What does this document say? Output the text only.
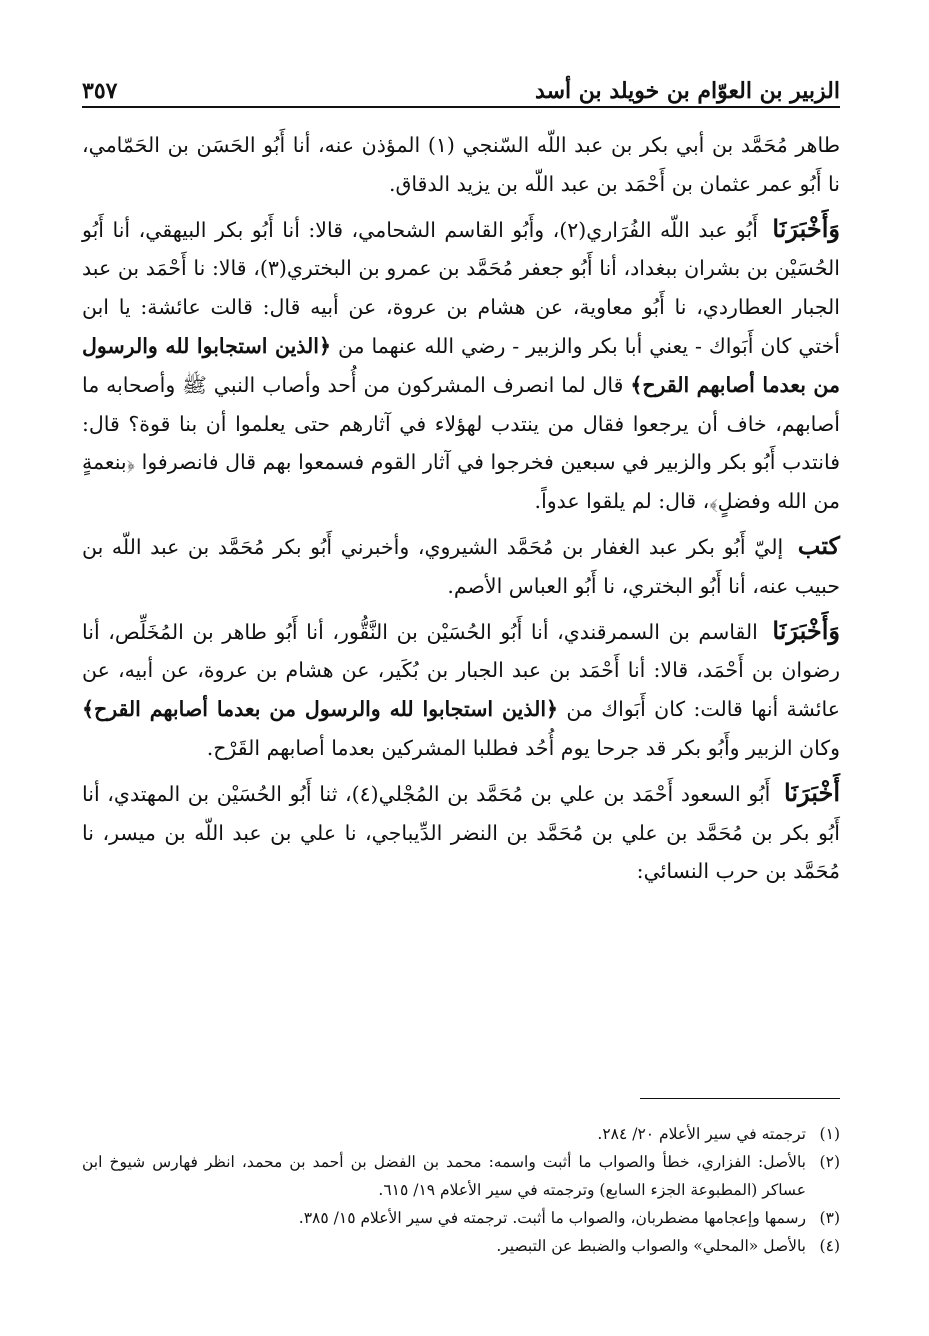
الزبير بن العوّام بن خويلد بن أسد
٣٥٧

طاهر مُحَمَّد بن أبي بكر بن عبد اللّه السّنجي (١) المؤذن عنه، أنا أَبُو الحَسَن بن الحَمّامي، نا أَبُو عمر عثمان بن أَحْمَد بن عبد اللّه بن يزيد الدقاق.

وَأَخْبَرَنَا أَبُو عبد اللّه الفُرَاري(٢)، وأَبُو القاسم الشحامي، قالا: أنا أَبُو بكر البيهقي، أنا أَبُو الحُسَيْن بن بشران ببغداد، أنا أَبُو جعفر مُحَمَّد بن عمرو بن البختري(٣)، قالا: نا أَحْمَد بن عبد الجبار العطاردي، نا أَبُو معاوية، عن هشام بن عروة، عن أبيه قال: قالت عائشة: يا ابن أختي كان أَبَواك - يعني أبا بكر والزبير - رضي الله عنهما من ﴿الذين استجابوا لله والرسول من بعدما أصابهم القرح﴾ قال لما انصرف المشركون من أُحد وأصاب النبي ﷺ وأصحابه ما أصابهم، خاف أن يرجعوا فقال من ينتدب لهؤلاء في آثارهم حتى يعلموا أن بنا قوة؟ قال: فانتدب أَبُو بكر والزبير في سبعين فخرجوا في آثار القوم فسمعوا بهم قال فانصرفوا ﴿بنعمةٍ من الله وفضلٍ﴾، قال: لم يلقوا عدواً.

كتب إليّ أَبُو بكر عبد الغفار بن مُحَمَّد الشيروي، وأخبرني أَبُو بكر مُحَمَّد بن عبد اللّه بن حبيب عنه، أنا أَبُو البختري، نا أَبُو العباس الأصم.

وَأَخْبَرَنَا القاسم بن السمرقندي، أنا أَبُو الحُسَيْن بن النَّقُّور، أنا أَبُو طاهر بن المُخَلِّص، أنا رضوان بن أَحْمَد، قالا: أنا أَحْمَد بن عبد الجبار بن بُكَير، عن هشام بن عروة، عن أبيه، عن عائشة أنها قالت: كان أَبَواك من ﴿الذين استجابوا لله والرسول من بعدما أصابهم القرح﴾ وكان الزبير وأَبُو بكر قد جرحا يوم أُحُد فطلبا المشركين بعدما أصابهم القَرْح.

أَخْبَرَنَا أَبُو السعود أَحْمَد بن علي بن مُحَمَّد بن المُجْلي(٤)، ثنا أَبُو الحُسَيْن بن المهتدي، أنا أَبُو بكر بن مُحَمَّد بن علي بن مُحَمَّد بن النضر الدِّيباجي، نا علي بن عبد اللّه بن ميسر، نا مُحَمَّد بن حرب النسائي:

(١)
ترجمته في سير الأعلام ٢٠/ ٢٨٤.

(٢)
بالأصل: الفزاري، خطأ والصواب ما أثبت واسمه: محمد بن الفضل بن أحمد بن محمد، انظر فهارس شيوخ ابن عساكر (المطبوعة الجزء السابع) وترجمته في سير الأعلام ١٩/ ٦١٥.

(٣)
رسمها وإعجامها مضطربان، والصواب ما أثبت. ترجمته في سير الأعلام ١٥/ ٣٨٥.

(٤)
بالأصل «المحلي» والصواب والضبط عن التبصير.
